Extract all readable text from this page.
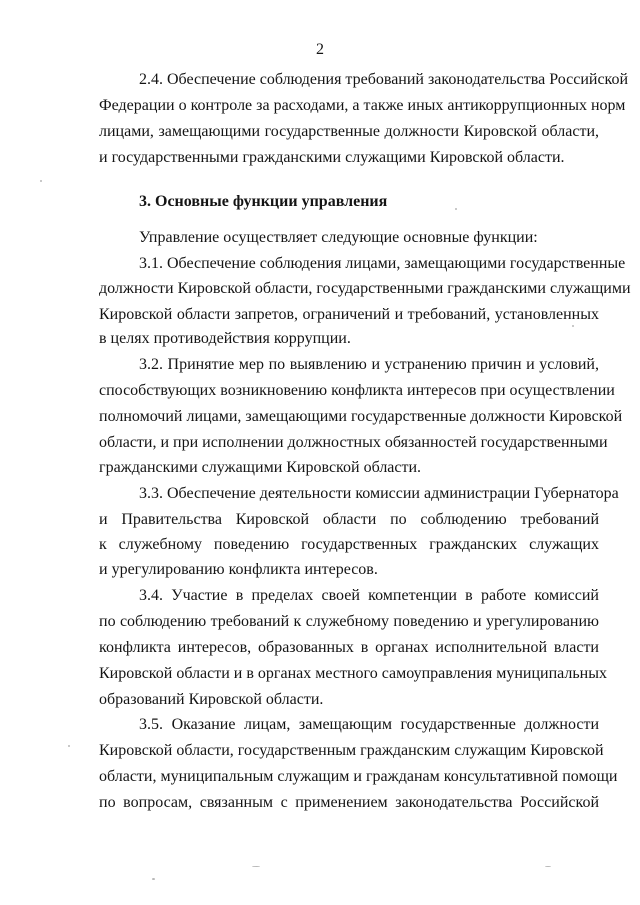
2
2.4. Обеспечение соблюдения требований законодательства Российской
Федерации о контроле за расходами, а также иных антикоррупционных норм
лицами, замещающими государственные должности Кировской области,
и государственными гражданскими служащими Кировской области.
3. Основные функции управления
Управление осуществляет следующие основные функции:
3.1. Обеспечение соблюдения лицами, замещающими государственные
должности Кировской области, государственными гражданскими служащими
Кировской области запретов, ограничений и требований, установленных
в целях противодействия коррупции.
3.2. Принятие мер по выявлению и устранению причин и условий,
способствующих возникновению конфликта интересов при осуществлении
полномочий лицами, замещающими государственные должности Кировской
области, и при исполнении должностных обязанностей государственными
гражданскими служащими Кировской области.
3.3. Обеспечение деятельности комиссии администрации Губернатора
и Правительства Кировской области по соблюдению требований
к служебному поведению государственных гражданских служащих
и урегулированию конфликта интересов.
3.4. Участие в пределах своей компетенции в работе комиссий
по соблюдению требований к служебному поведению и урегулированию
конфликта интересов, образованных в органах исполнительной власти
Кировской области и в органах местного самоуправления муниципальных
образований Кировской области.
3.5. Оказание лицам, замещающим государственные должности
Кировской области, государственным гражданским служащим Кировской
области, муниципальным служащим и гражданам консультативной помощи
по вопросам, связанным с применением законодательства Российской
